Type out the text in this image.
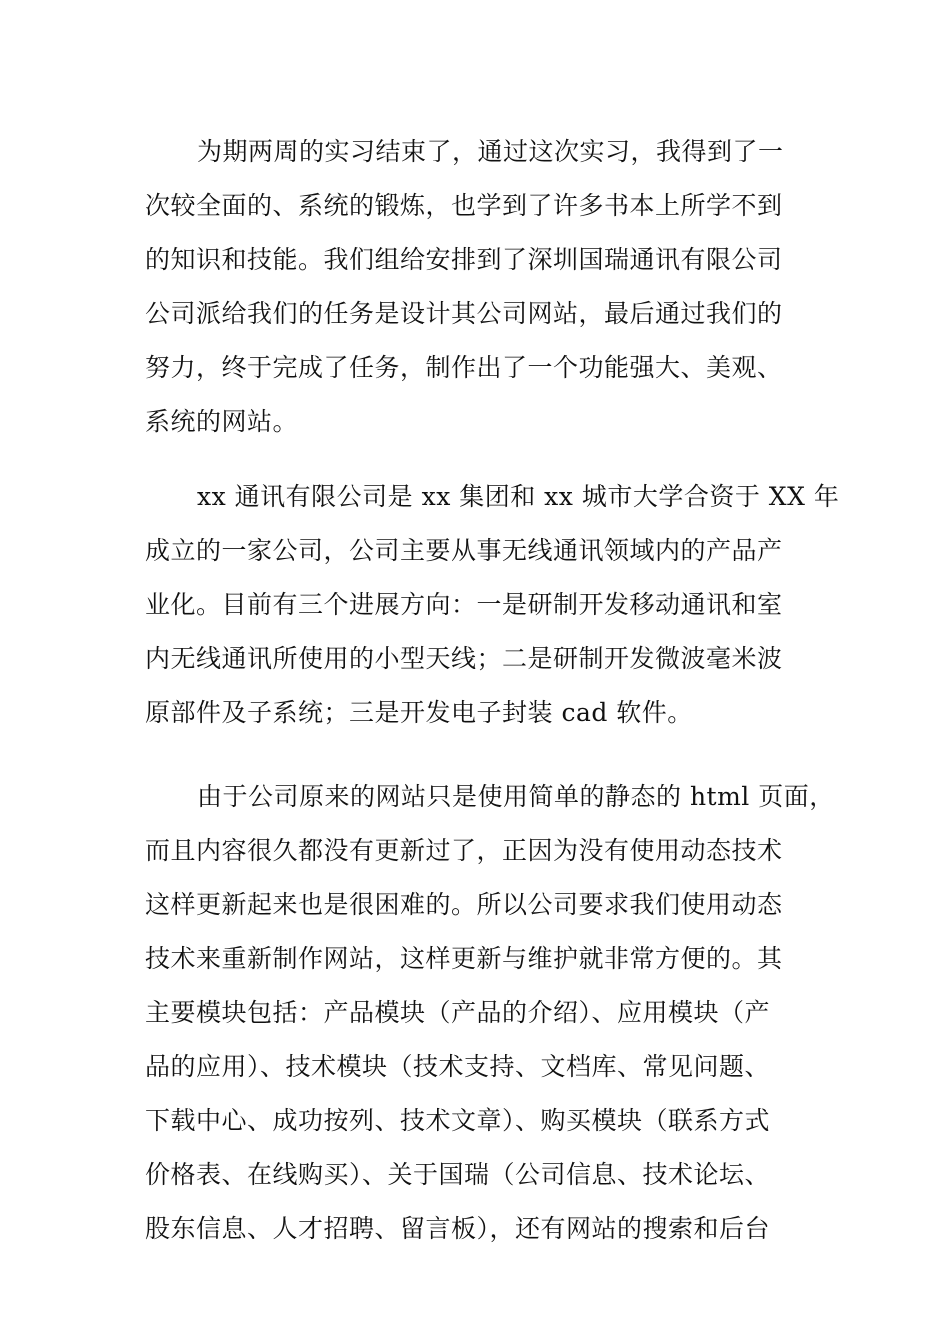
为期两周的实习结束了，通过这次实习，我得到了一
次较全面的、系统的锻炼，也学到了许多书本上所学不到
的知识和技能。我们组给安排到了深圳国瑞通讯有限公司
公司派给我们的任务是设计其公司网站，最后通过我们的
努力，终于完成了任务，制作出了一个功能强大、美观、
系统的网站。
xx 通讯有限公司是 xx 集团和 xx 城市大学合资于 XX 年
成立的一家公司，公司主要从事无线通讯领域内的产品产
业化。目前有三个进展方向：一是研制开发移动通讯和室
内无线通讯所使用的小型天线；二是研制开发微波毫米波
原部件及子系统；三是开发电子封装 cad 软件。
由于公司原来的网站只是使用简单的静态的 html 页面，
而且内容很久都没有更新过了，正因为没有使用动态技术
这样更新起来也是很困难的。所以公司要求我们使用动态
技术来重新制作网站，这样更新与维护就非常方便的。其
主要模块包括：产品模块（产品的介绍）、应用模块（产
品的应用）、技术模块（技术支持、文档库、常见问题、
下载中心、成功按列、技术文章）、购买模块（联系方式
价格表、在线购买）、关于国瑞（公司信息、技术论坛、
股东信息、人才招聘、留言板），还有网站的搜索和后台
